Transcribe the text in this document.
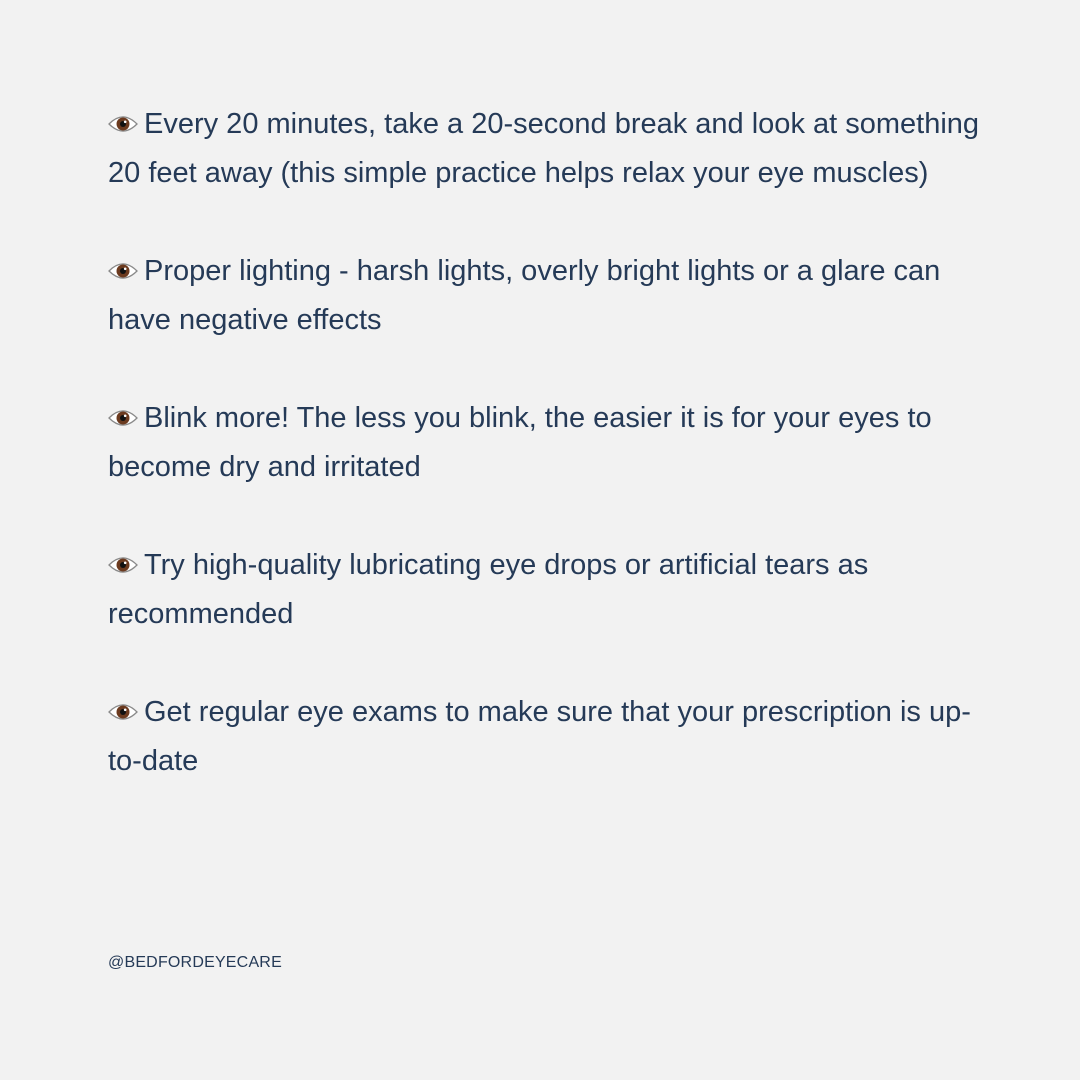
Every 20 minutes, take a 20-second break and look at something 20 feet away (this simple practice helps relax your eye muscles)

Proper lighting - harsh lights, overly bright lights or a glare can have negative effects

Blink more! The less you blink, the easier it is for your eyes to become dry and irritated

Try high-quality lubricating eye drops or artificial tears as recommended

Get regular eye exams to make sure that your prescription is up-to-date

@BEDFORDEYECARE
